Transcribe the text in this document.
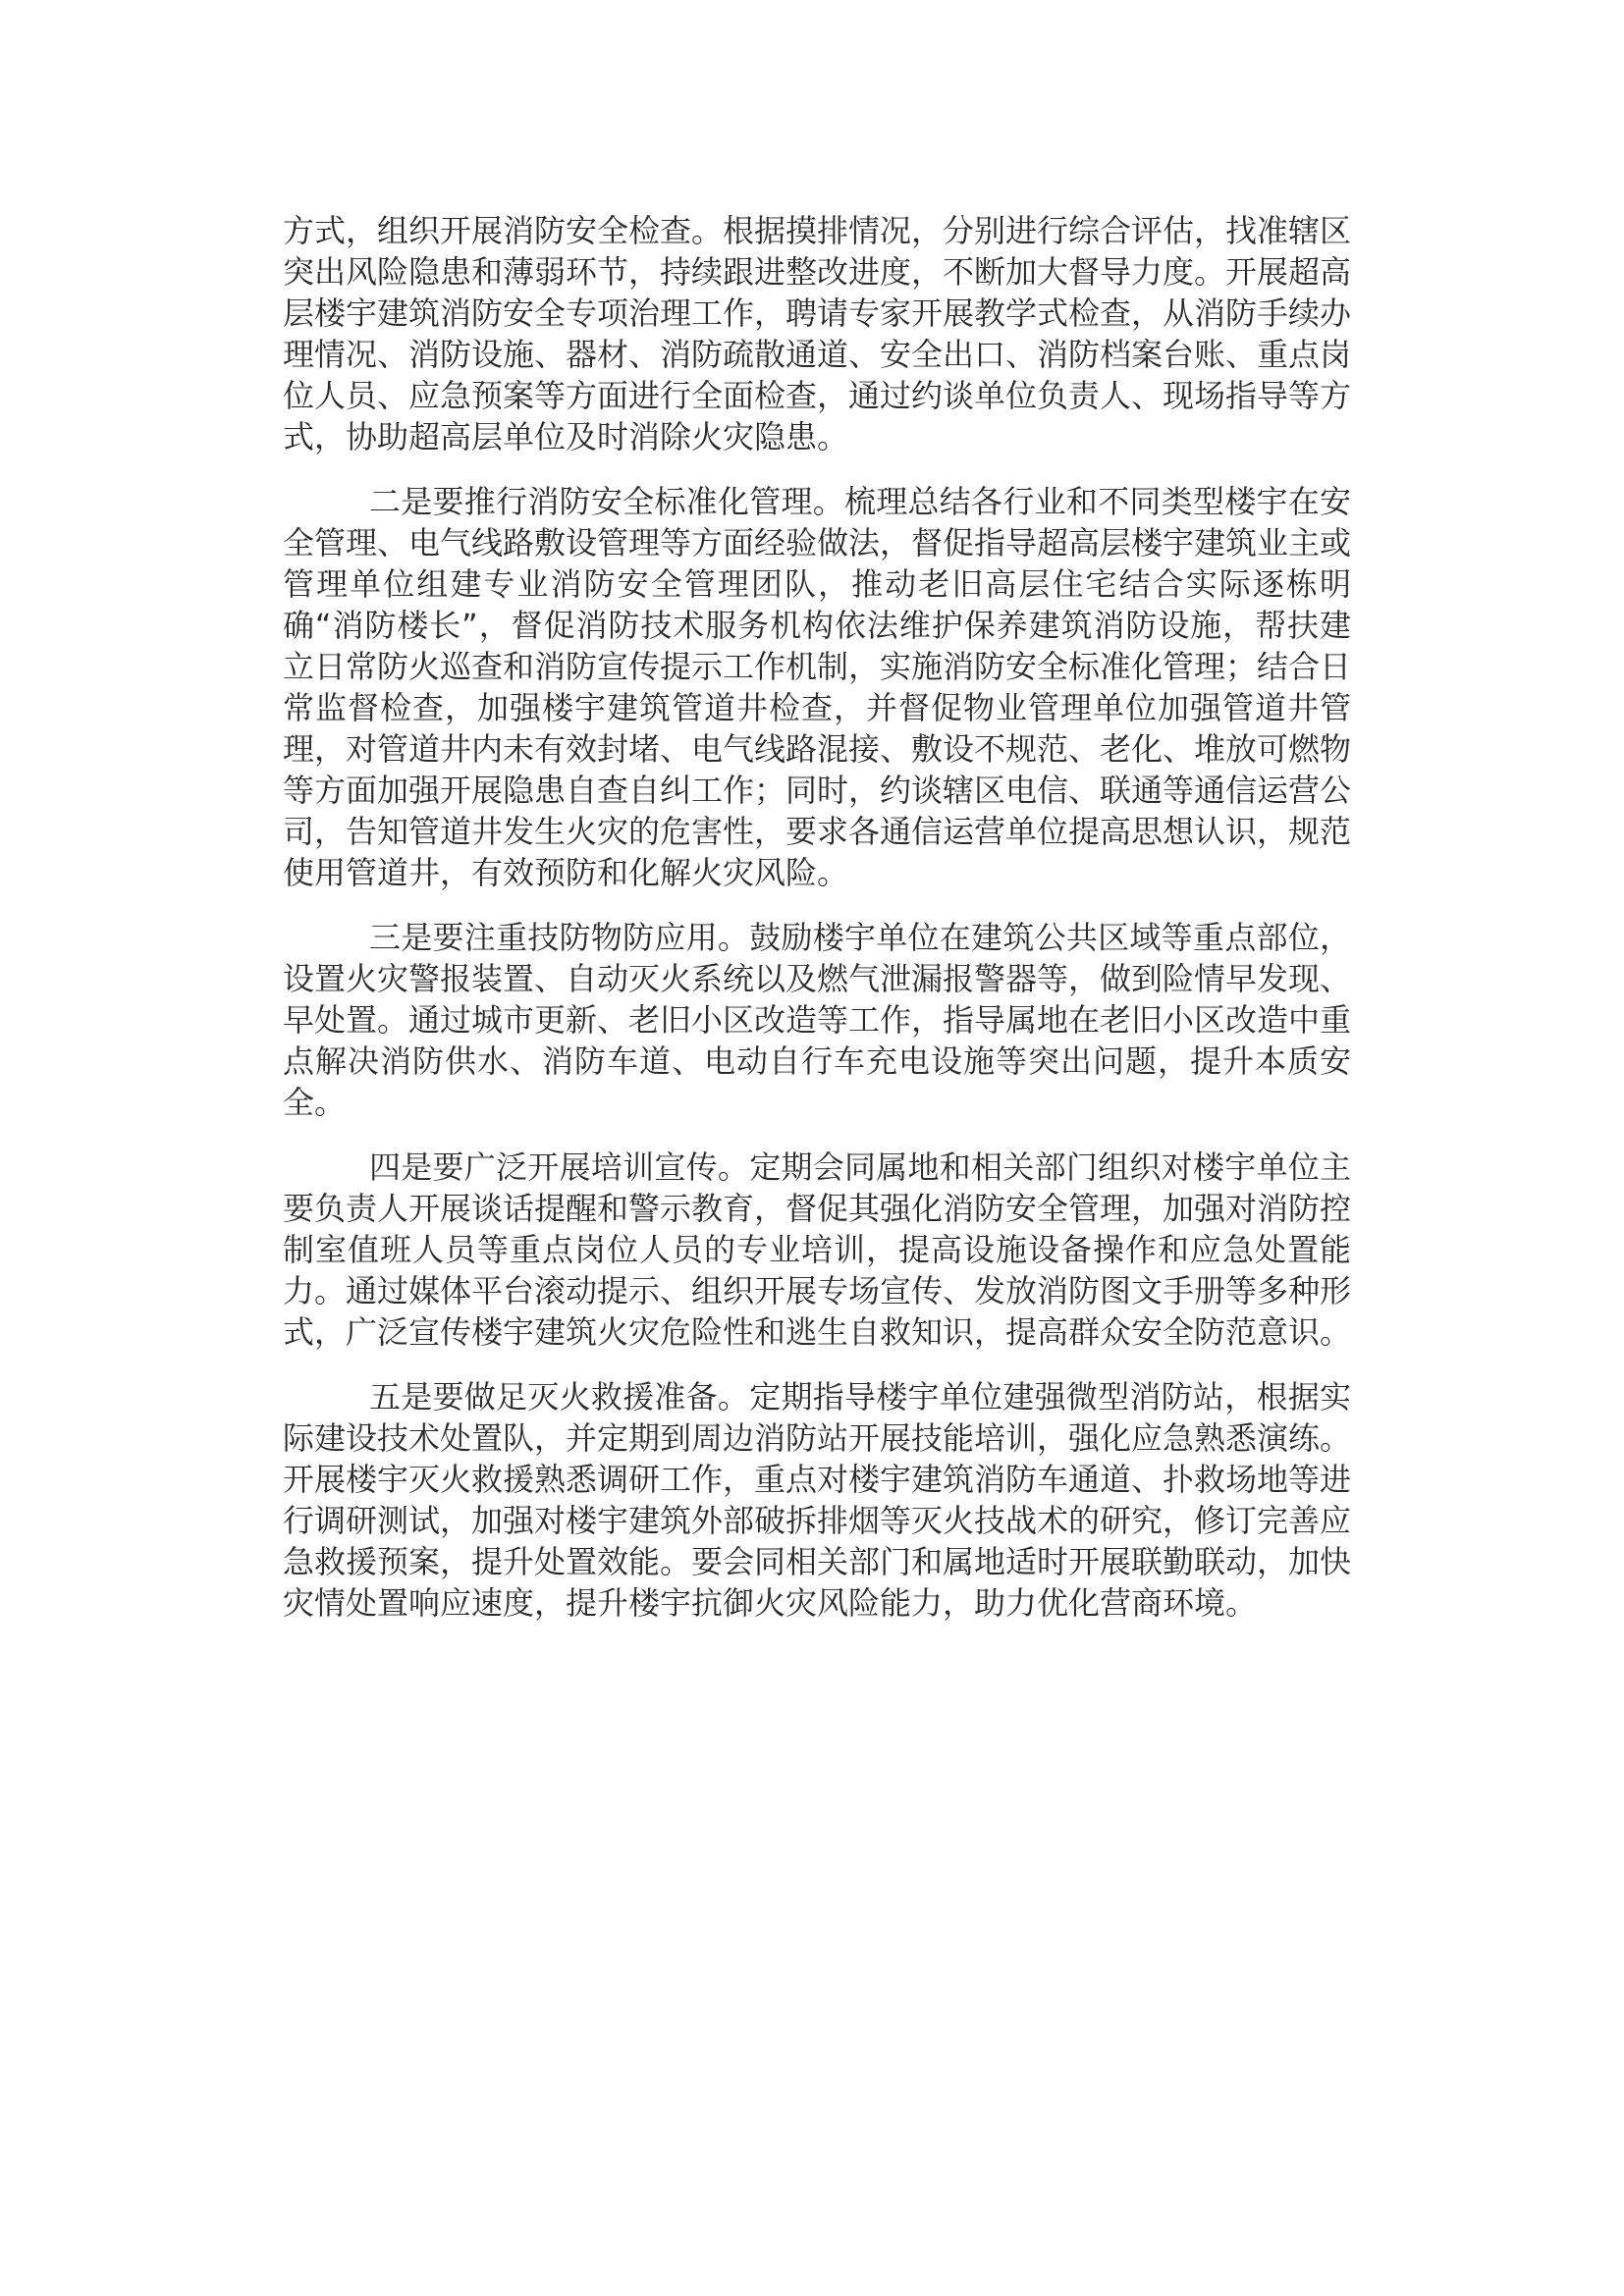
方式，组织开展消防安全检查。根据摸排情况，分别进行综合评估，找准辖区突出风险隐患和薄弱环节，持续跟进整改进度，不断加大督导力度。开展超高层楼宇建筑消防安全专项治理工作，聘请专家开展教学式检查，从消防手续办理情况、消防设施、器材、消防疏散通道、安全出口、消防档案台账、重点岗位人员、应急预案等方面进行全面检查，通过约谈单位负责人、现场指导等方式，协助超高层单位及时消除火灾隐患。

二是要推行消防安全标准化管理。梳理总结各行业和不同类型楼宇在安全管理、电气线路敷设管理等方面经验做法，督促指导超高层楼宇建筑业主或管理单位组建专业消防安全管理团队，推动老旧高层住宅结合实际逐栋明确“消防楼长”，督促消防技术服务机构依法维护保养建筑消防设施，帮扶建立日常防火巡查和消防宣传提示工作机制，实施消防安全标准化管理；结合日常监督检查，加强楼宇建筑管道井检查，并督促物业管理单位加强管道井管理，对管道井内未有效封堵、电气线路混接、敷设不规范、老化、堆放可燃物等方面加强开展隐患自查自纠工作；同时，约谈辖区电信、联通等通信运营公司，告知管道井发生火灾的危害性，要求各通信运营单位提高思想认识，规范使用管道井，有效预防和化解火灾风险。

三是要注重技防物防应用。鼓励楼宇单位在建筑公共区域等重点部位，设置火灾警报装置、自动灭火系统以及燃气泄漏报警器等，做到险情早发现、早处置。通过城市更新、老旧小区改造等工作，指导属地在老旧小区改造中重点解决消防供水、消防车道、电动自行车充电设施等突出问题，提升本质安全。

四是要广泛开展培训宣传。定期会同属地和相关部门组织对楼宇单位主要负责人开展谈话提醒和警示教育，督促其强化消防安全管理，加强对消防控制室值班人员等重点岗位人员的专业培训，提高设施设备操作和应急处置能力。通过媒体平台滚动提示、组织开展专场宣传、发放消防图文手册等多种形式，广泛宣传楼宇建筑火灾危险性和逃生自救知识，提高群众安全防范意识。

五是要做足灭火救援准备。定期指导楼宇单位建强微型消防站，根据实际建设技术处置队，并定期到周边消防站开展技能培训，强化应急熟悉演练。开展楼宇灭火救援熟悉调研工作，重点对楼宇建筑消防车通道、扑救场地等进行调研测试，加强对楼宇建筑外部破拆排烟等灭火技战术的研究，修订完善应急救援预案，提升处置效能。要会同相关部门和属地适时开展联勤联动，加快灾情处置响应速度，提升楼宇抗御火灾风险能力，助力优化营商环境。
